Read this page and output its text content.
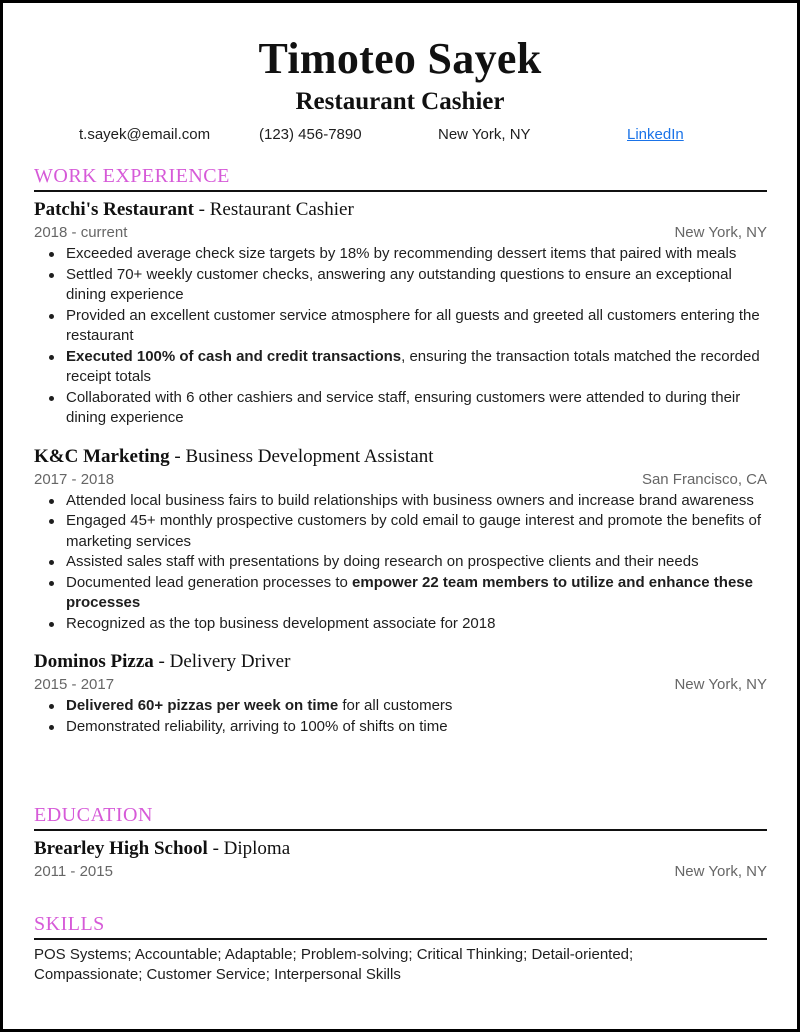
Timoteo Sayek
Restaurant Cashier
t.sayek@email.com	(123) 456-7890	New York, NY	LinkedIn
WORK EXPERIENCE
Patchi's Restaurant - Restaurant Cashier
2018 - current	New York, NY
Exceeded average check size targets by 18% by recommending dessert items that paired with meals
Settled 70+ weekly customer checks, answering any outstanding questions to ensure an exceptional dining experience
Provided an excellent customer service atmosphere for all guests and greeted all customers entering the restaurant
Executed 100% of cash and credit transactions, ensuring the transaction totals matched the recorded receipt totals
Collaborated with 6 other cashiers and service staff, ensuring customers were attended to during their dining experience
K&C Marketing - Business Development Assistant
2017 - 2018	San Francisco, CA
Attended local business fairs to build relationships with business owners and increase brand awareness
Engaged 45+ monthly prospective customers by cold email to gauge interest and promote the benefits of marketing services
Assisted sales staff with presentations by doing research on prospective clients and their needs
Documented lead generation processes to empower 22 team members to utilize and enhance these processes
Recognized as the top business development associate for 2018
Dominos Pizza - Delivery Driver
2015 - 2017	New York, NY
Delivered 60+ pizzas per week on time for all customers
Demonstrated reliability, arriving to 100% of shifts on time
EDUCATION
Brearley High School - Diploma
2011 - 2015	New York, NY
SKILLS
POS Systems; Accountable; Adaptable; Problem-solving; Critical Thinking; Detail-oriented; Compassionate; Customer Service; Interpersonal Skills
